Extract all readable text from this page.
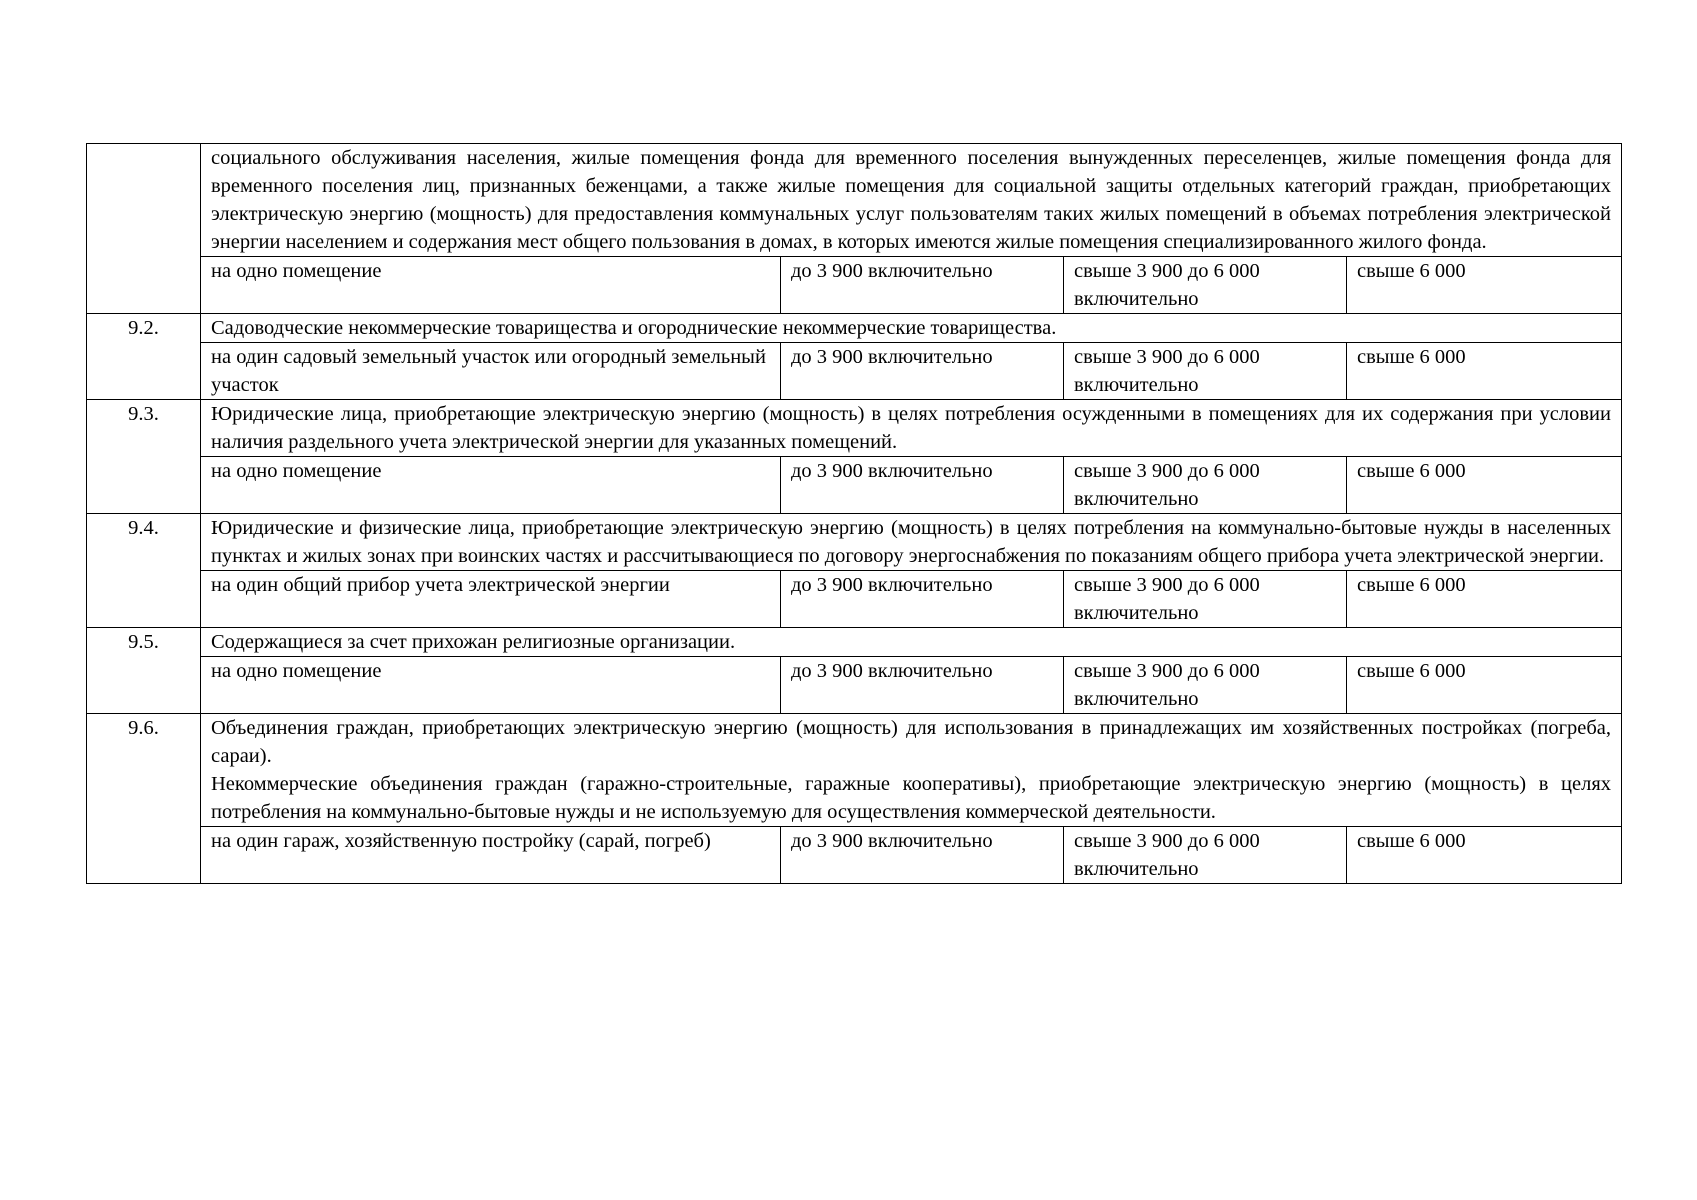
	социального обслуживания населения, жилые помещения фонда для временного поселения вынужденных переселенцев, жилые помещения фонда для временного поселения лиц, признанных беженцами, а также жилые помещения для социальной защиты отдельных категорий граждан, приобретающих электрическую энергию (мощность) для предоставления коммунальных услуг пользователям таких жилых помещений в объемах потребления электрической энергии населением и содержания мест общего пользования в домах, в которых имеются жилые помещения специализированного жилого фонда.			

	на одно помещение	до 3 900 включительно	свыше 3 900 до 6 000 включительно	свыше 6 000
9.2.	Садоводческие некоммерческие товарищества и огороднические некоммерческие товарищества.			

	на один садовый земельный участок или огородный земельный участок	до 3 900 включительно	свыше 3 900 до 6 000 включительно	свыше 6 000
9.3.	Юридические лица, приобретающие электрическую энергию (мощность) в целях потребления осужденными в помещениях для их содержания при условии наличия раздельного учета электрической энергии для указанных помещений.			

	на одно помещение	до 3 900 включительно	свыше 3 900 до 6 000 включительно	свыше 6 000
9.4.	Юридические и физические лица, приобретающие электрическую энергию (мощность) в целях потребления на коммунально-бытовые нужды в населенных пунктах и жилых зонах при воинских частях и рассчитывающиеся по договору энергоснабжения по показаниям общего прибора учета электрической энергии.			

	на один общий прибор учета электрической энергии	до 3 900 включительно	свыше 3 900 до 6 000 включительно	свыше 6 000
9.5.	Содержащиеся за счет прихожан религиозные организации.			

	на одно помещение	до 3 900 включительно	свыше 3 900 до 6 000 включительно	свыше 6 000
9.6.	Объединения граждан, приобретающих электрическую энергию (мощность) для использования в принадлежащих им хозяйственных постройках (погреба, сараи).

Некоммерческие объединения граждан (гаражно-строительные, гаражные кооперативы), приобретающие электрическую энергию (мощность) в целях потребления на коммунально-бытовые нужды и не используемую для осуществления коммерческой деятельности.			

	на один гараж, хозяйственную постройку (сарай, погреб)	до 3 900 включительно	свыше 3 900 до 6 000 включительно	свыше 6 000
